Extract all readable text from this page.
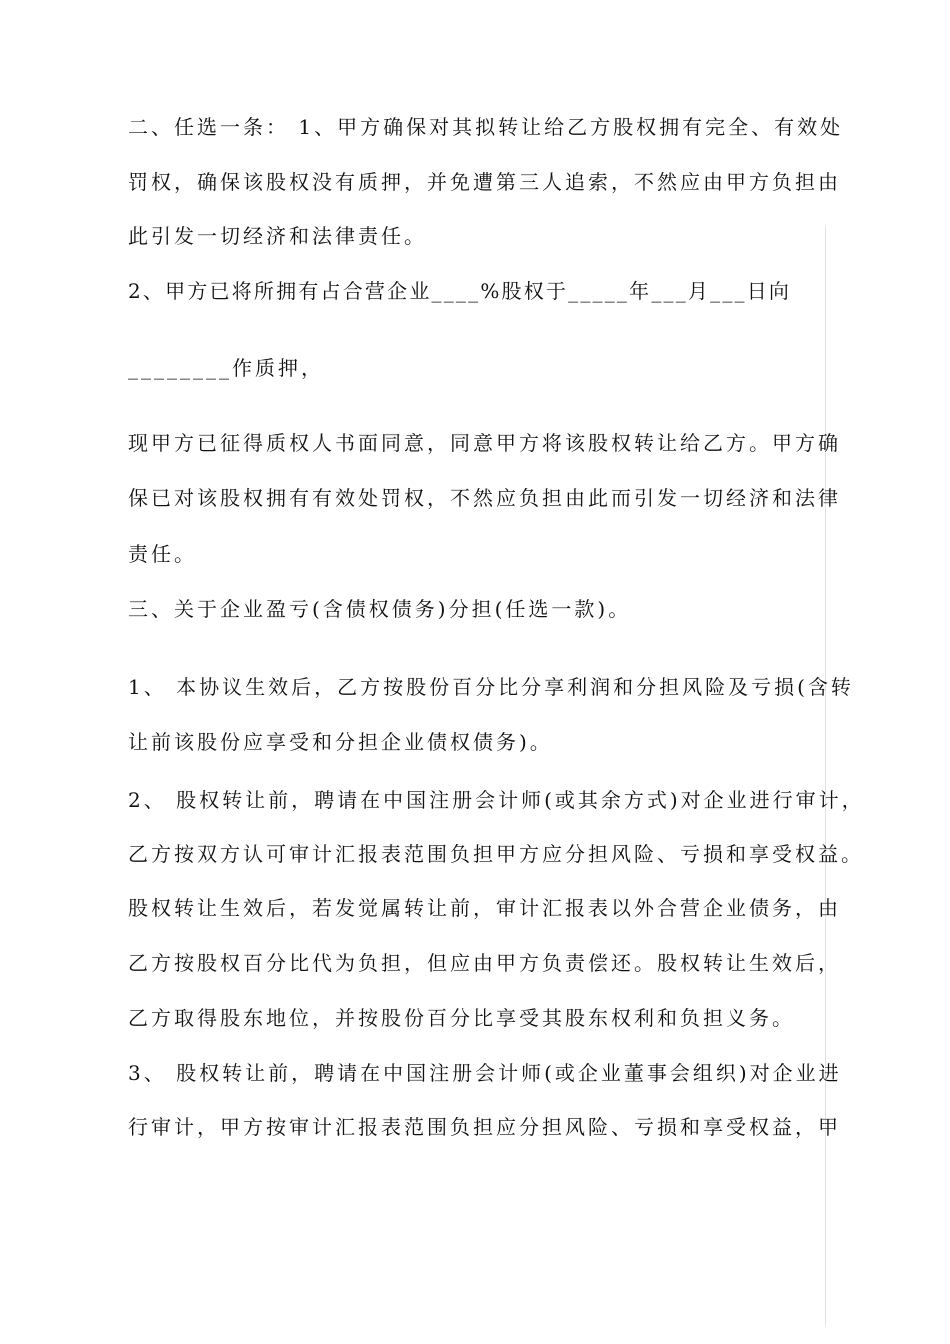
二、任选一条： 1、甲方确保对其拟转让给乙方股权拥有完全、有效处
罚权，确保该股权没有质押，并免遭第三人追索，不然应由甲方负担由
此引发一切经济和法律责任。
2、甲方已将所拥有占合营企业____%股权于_____年___月___日向
________作质押，
现甲方已征得质权人书面同意，同意甲方将该股权转让给乙方。甲方确
保已对该股权拥有有效处罚权，不然应负担由此而引发一切经济和法律
责任。
三、关于企业盈亏(含债权债务)分担(任选一款)。
1、 本协议生效后，乙方按股份百分比分享利润和分担风险及亏损(含转
让前该股份应享受和分担企业债权债务)。
2、 股权转让前，聘请在中国注册会计师(或其余方式)对企业进行审计，
乙方按双方认可审计汇报表范围负担甲方应分担风险、亏损和享受权益。
股权转让生效后，若发觉属转让前，审计汇报表以外合营企业债务，由
乙方按股权百分比代为负担，但应由甲方负责偿还。股权转让生效后，
乙方取得股东地位，并按股份百分比享受其股东权利和负担义务。
3、 股权转让前，聘请在中国注册会计师(或企业董事会组织)对企业进
行审计，甲方按审计汇报表范围负担应分担风险、亏损和享受权益，甲
